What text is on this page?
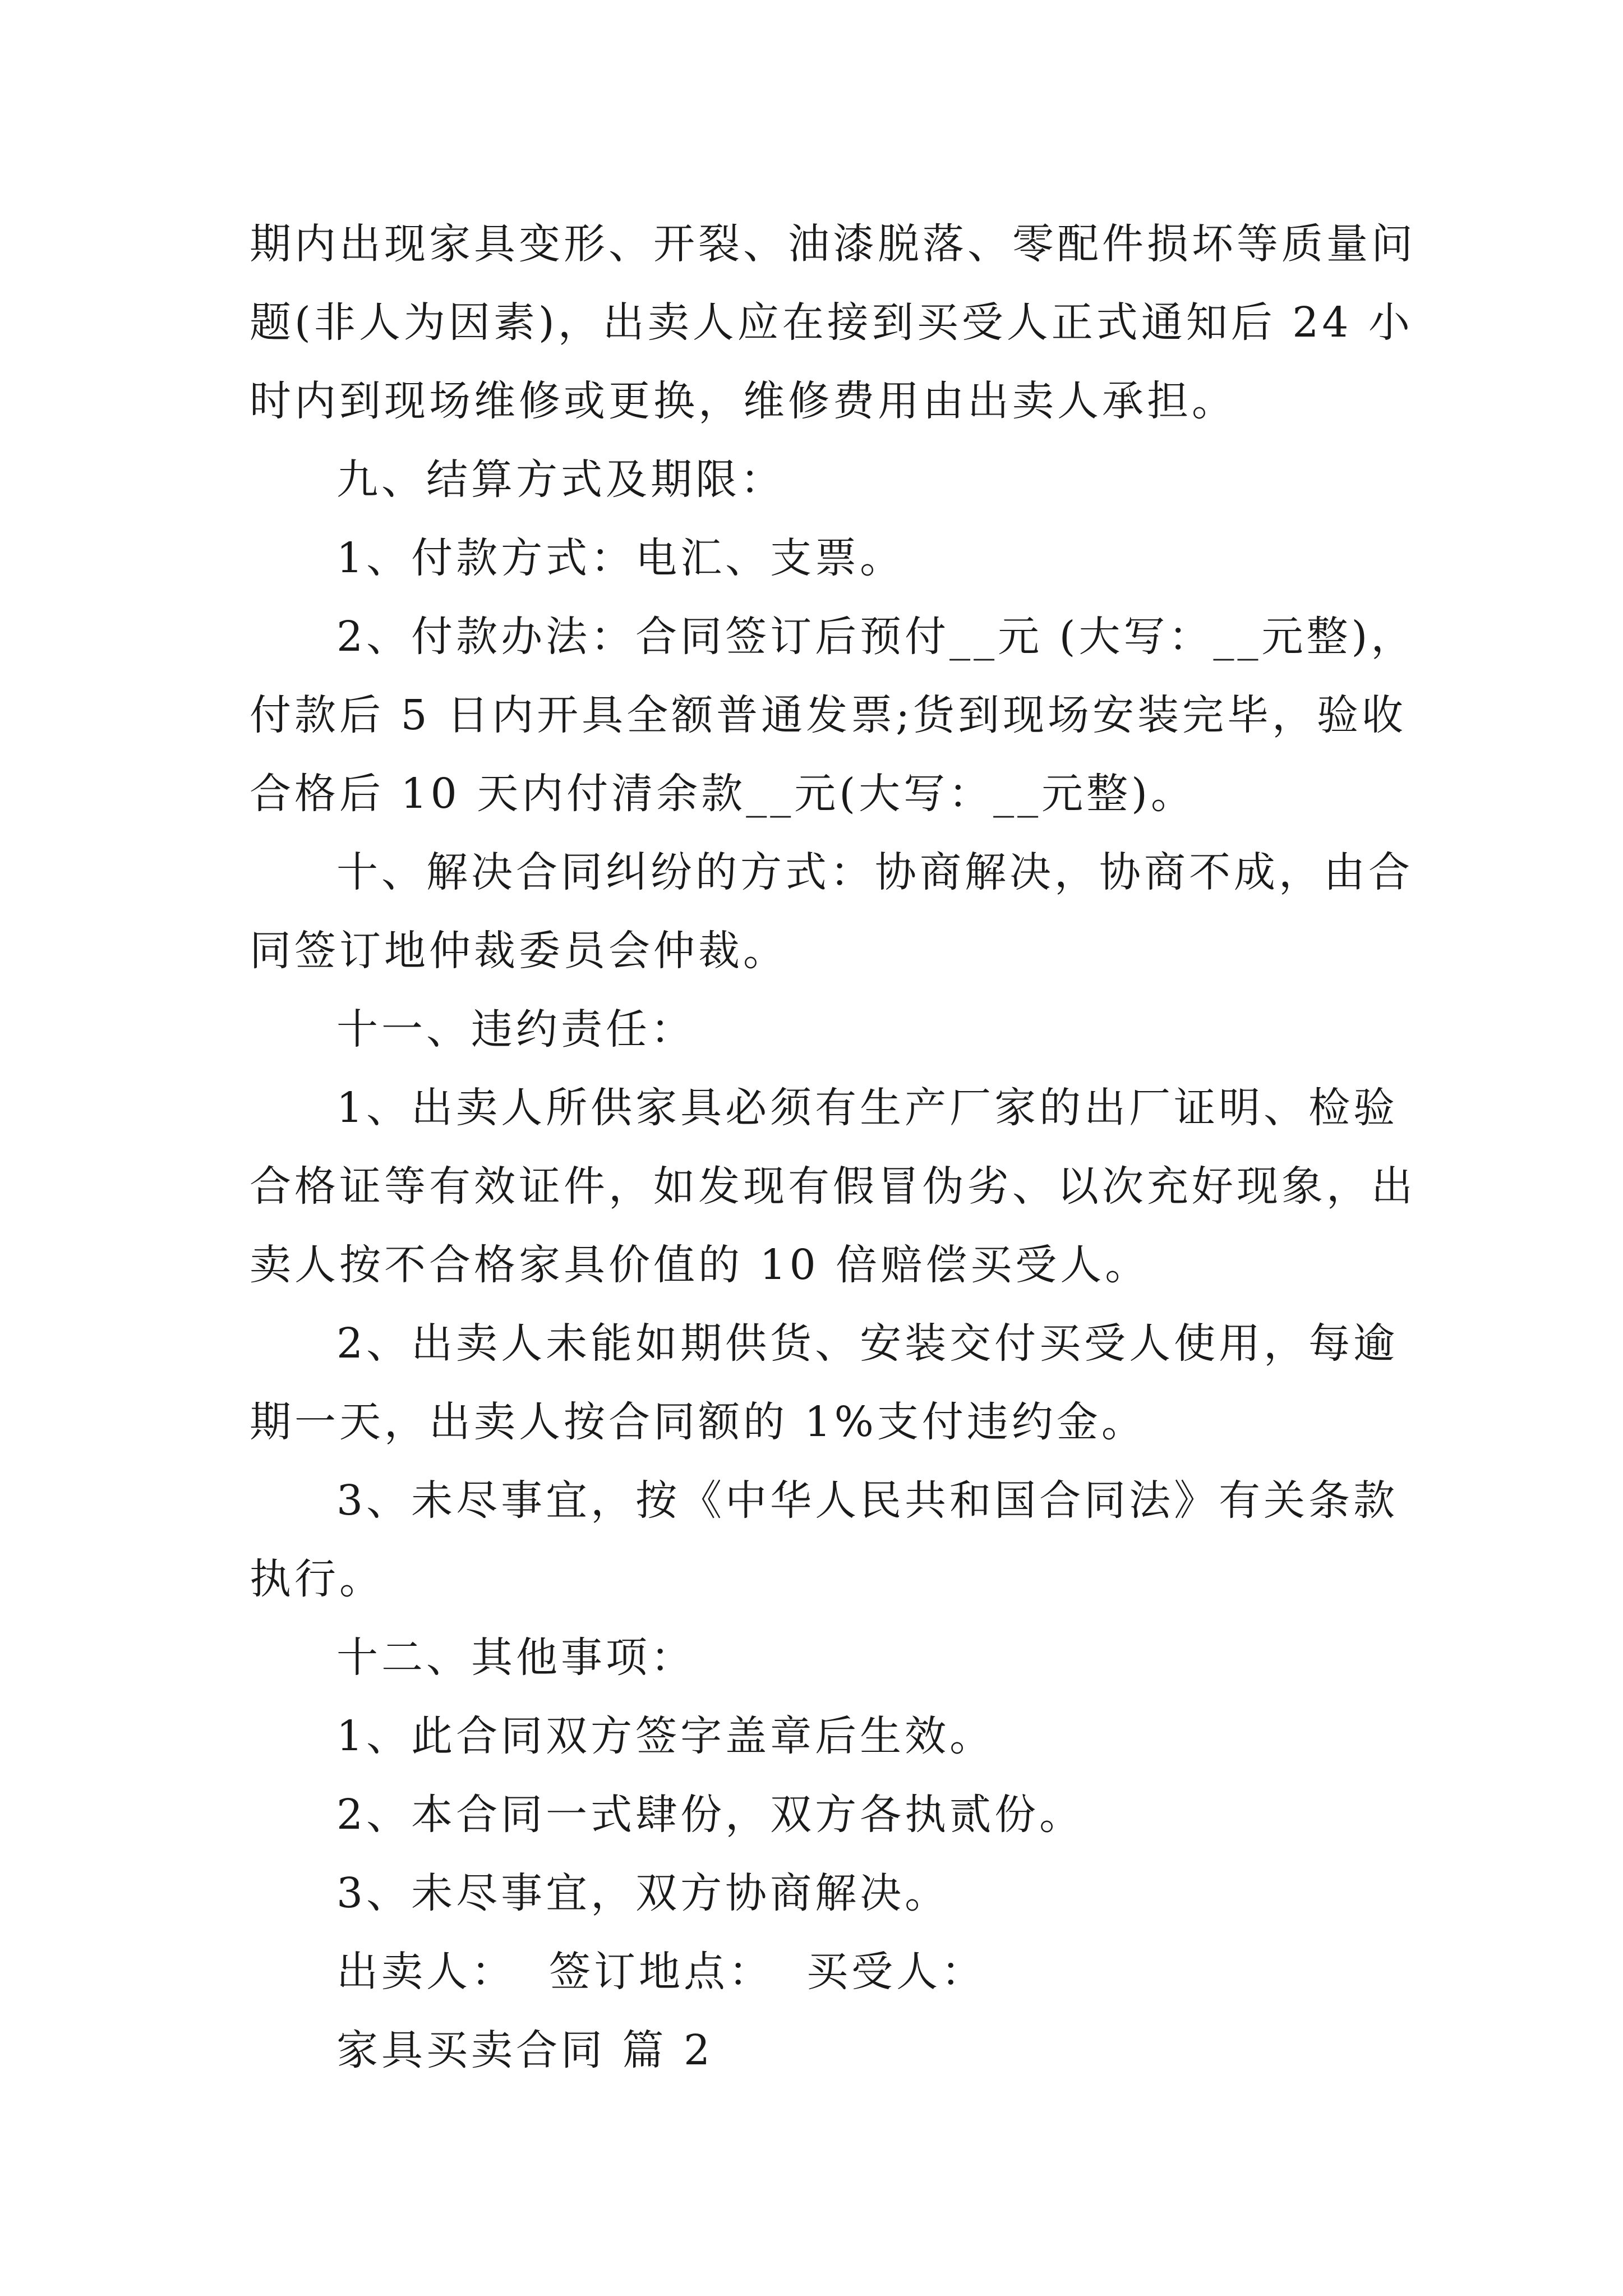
期内出现家具变形、开裂、油漆脱落、零配件损坏等质量问
题(非人为因素)，出卖人应在接到买受人正式通知后 24 小
时内到现场维修或更换，维修费用由出卖人承担。
九、结算方式及期限：
1、付款方式：电汇、支票。
2、付款办法：合同签订后预付__元 (大写：__元整)，
付款后 5 日内开具全额普通发票;货到现场安装完毕，验收
合格后 10 天内付清余款__元(大写：__元整)。
十、解决合同纠纷的方式：协商解决，协商不成，由合
同签订地仲裁委员会仲裁。
十一、违约责任：
1、出卖人所供家具必须有生产厂家的出厂证明、检验
合格证等有效证件，如发现有假冒伪劣、以次充好现象，出
卖人按不合格家具价值的 10 倍赔偿买受人。
2、出卖人未能如期供货、安装交付买受人使用，每逾
期一天，出卖人按合同额的 1%支付违约金。
3、未尽事宜，按《中华人民共和国合同法》有关条款
执行。
十二、其他事项：
1、此合同双方签字盖章后生效。
2、本合同一式肆份，双方各执贰份。
3、未尽事宜，双方协商解决。
出卖人：  签订地点：  买受人：
家具买卖合同 篇 2
